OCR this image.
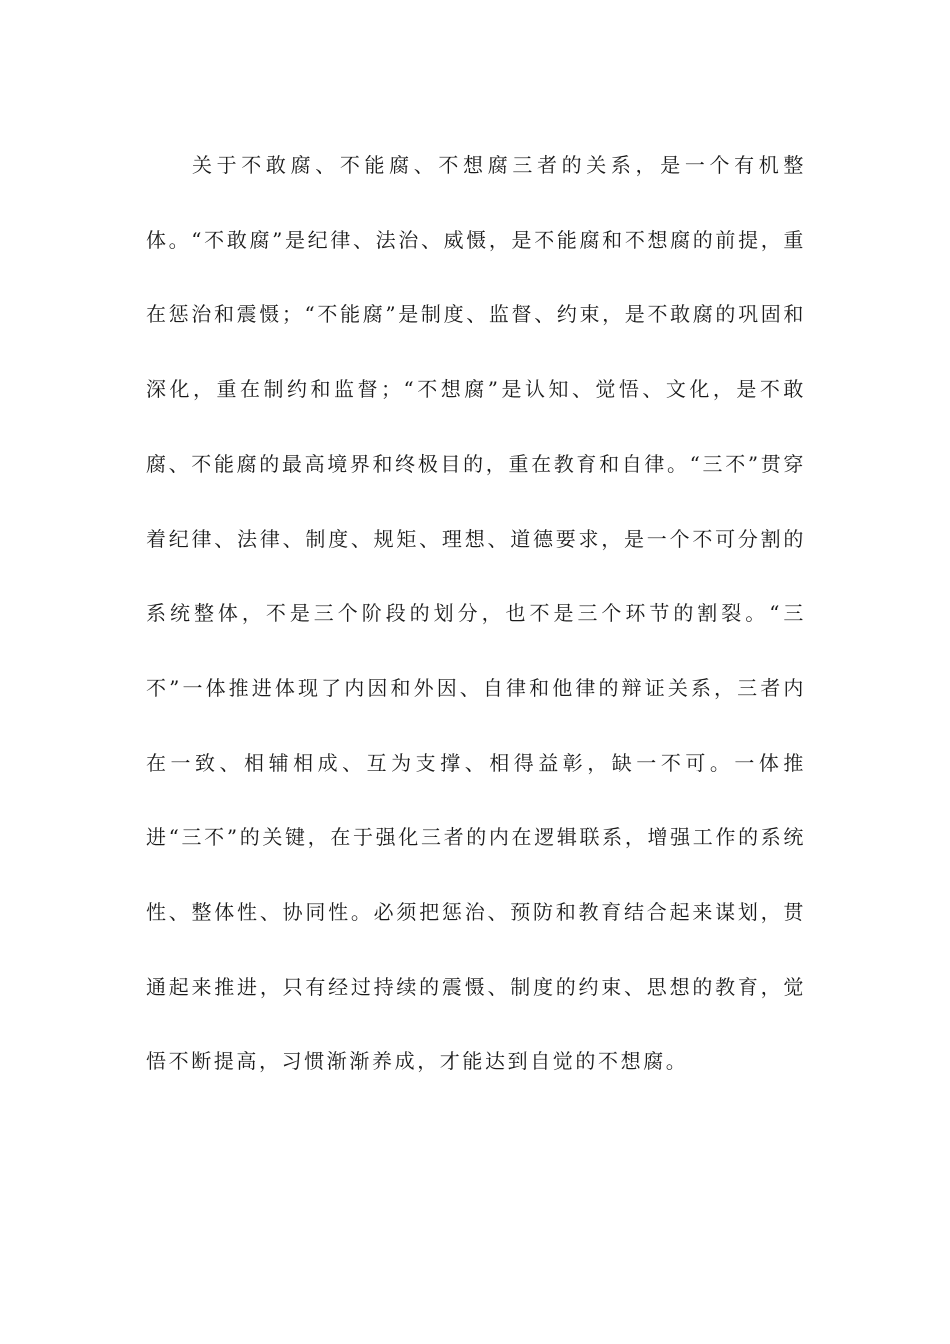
关于不敢腐、不能腐、不想腐三者的关系，是一个有机整体。“不敢腐”是纪律、法治、威慑，是不能腐和不想腐的前提，重在惩治和震慑；“不能腐”是制度、监督、约束，是不敢腐的巩固和深化，重在制约和监督；“不想腐”是认知、觉悟、文化，是不敢腐、不能腐的最高境界和终极目的，重在教育和自律。“三不”贯穿着纪律、法律、制度、规矩、理想、道德要求，是一个不可分割的系统整体，不是三个阶段的划分，也不是三个环节的割裂。“三不”一体推进体现了内因和外因、自律和他律的辩证关系，三者内在一致、相辅相成、互为支撑、相得益彰，缺一不可。一体推进“三不”的关键，在于强化三者的内在逻辑联系，增强工作的系统性、整体性、协同性。必须把惩治、预防和教育结合起来谋划，贯通起来推进，只有经过持续的震慑、制度的约束、思想的教育，觉悟不断提高，习惯渐渐养成，才能达到自觉的不想腐。
